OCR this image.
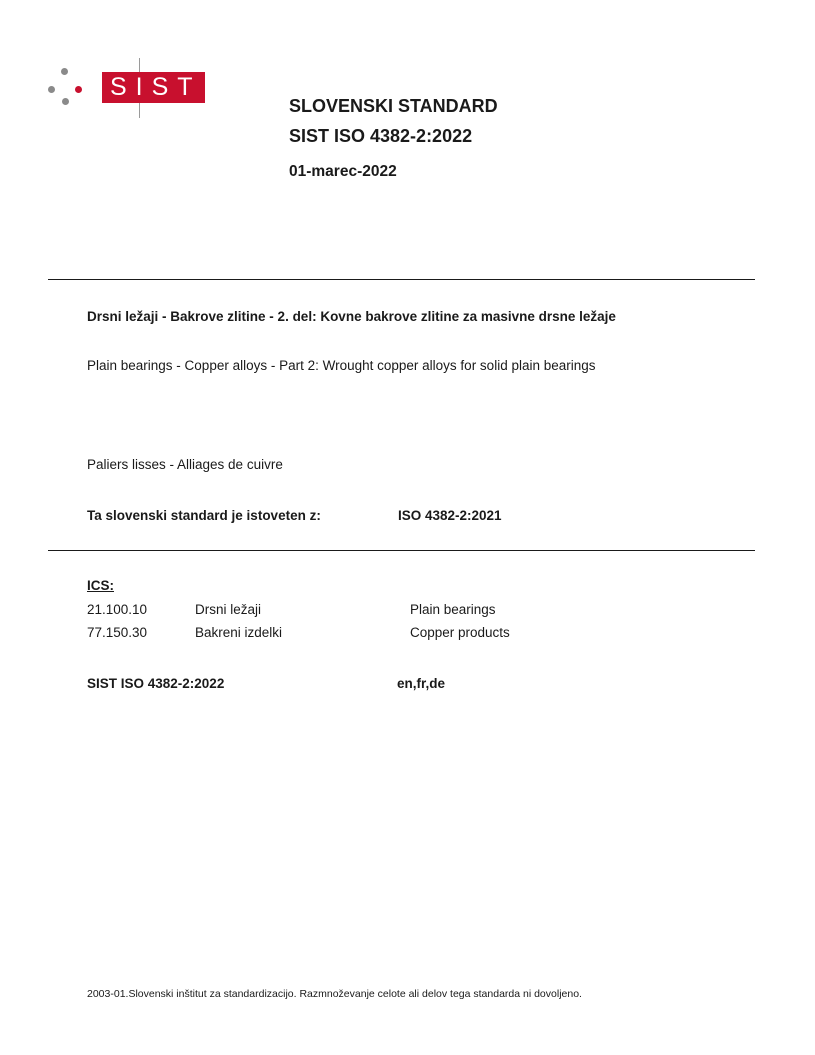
SIST
SLOVENSKI STANDARD
SIST ISO 4382-2:2022
01-marec-2022
Drsni ležaji - Bakrove zlitine - 2. del: Kovne bakrove zlitine za masivne drsne ležaje
Plain bearings - Copper alloys - Part 2: Wrought copper alloys for solid plain bearings
Paliers lisses - Alliages de cuivre
Ta slovenski standard je istoveten z:	ISO 4382-2:2021
ICS:
21.100.10	Drsni ležaji	Plain bearings
77.150.30	Bakreni izdelki	Copper products
SIST ISO 4382-2:2022	en,fr,de
2003-01.Slovenski inštitut za standardizacijo. Razmnoževanje celote ali delov tega standarda ni dovoljeno.
